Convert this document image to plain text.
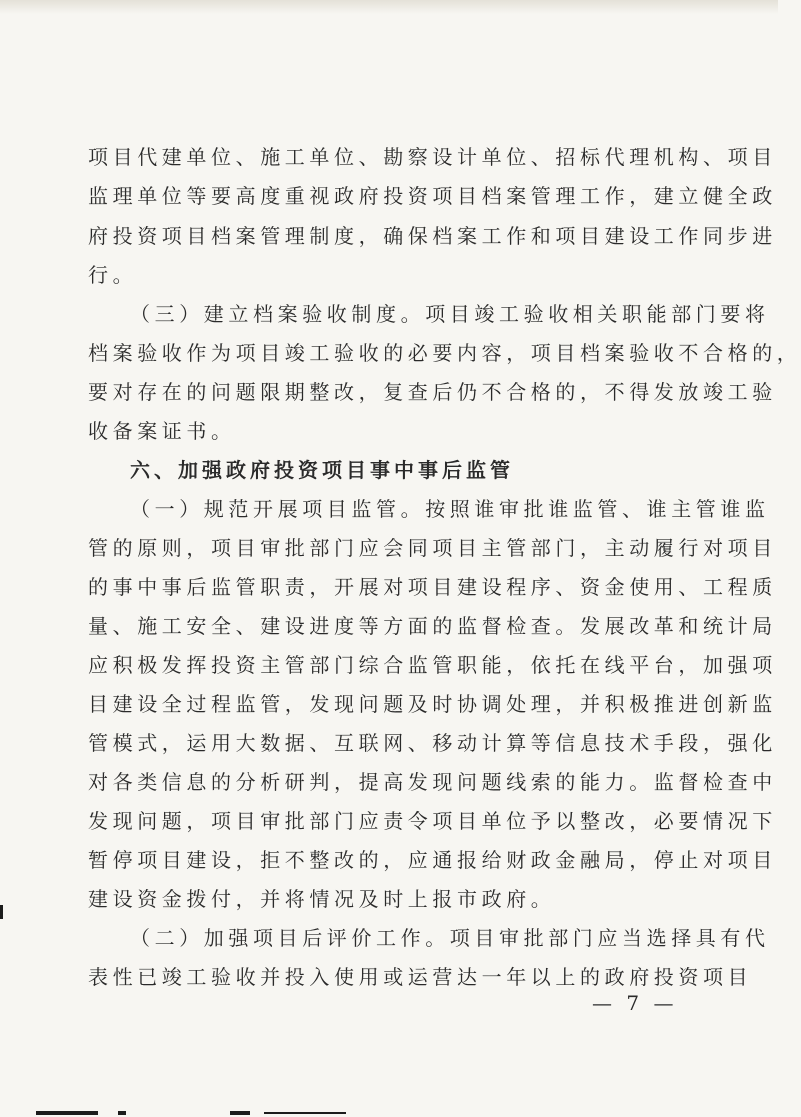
项目代建单位、施工单位、勘察设计单位、招标代理机构、项目
监理单位等要高度重视政府投资项目档案管理工作，建立健全政
府投资项目档案管理制度，确保档案工作和项目建设工作同步进
行。
（三）建立档案验收制度。项目竣工验收相关职能部门要将
档案验收作为项目竣工验收的必要内容，项目档案验收不合格的，
要对存在的问题限期整改，复查后仍不合格的，不得发放竣工验
收备案证书。
六、加强政府投资项目事中事后监管
（一）规范开展项目监管。按照谁审批谁监管、谁主管谁监
管的原则，项目审批部门应会同项目主管部门，主动履行对项目
的事中事后监管职责，开展对项目建设程序、资金使用、工程质
量、施工安全、建设进度等方面的监督检查。发展改革和统计局
应积极发挥投资主管部门综合监管职能，依托在线平台，加强项
目建设全过程监管，发现问题及时协调处理，并积极推进创新监
管模式，运用大数据、互联网、移动计算等信息技术手段，强化
对各类信息的分析研判，提高发现问题线索的能力。监督检查中
发现问题，项目审批部门应责令项目单位予以整改，必要情况下
暂停项目建设，拒不整改的，应通报给财政金融局，停止对项目
建设资金拨付，并将情况及时上报市政府。
（二）加强项目后评价工作。项目审批部门应当选择具有代
表性已竣工验收并投入使用或运营达一年以上的政府投资项目
— 7 —
